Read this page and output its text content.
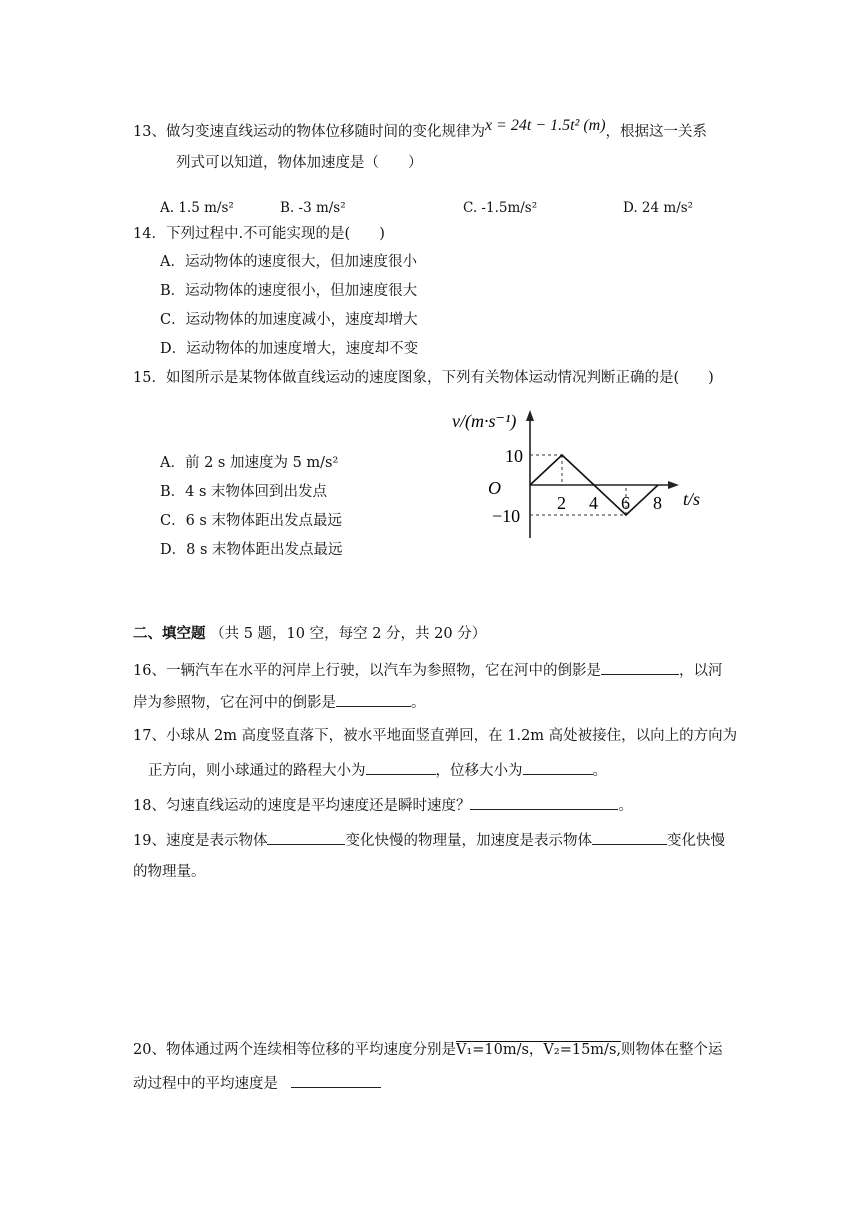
13、做匀变速直线运动的物体位移随时间的变化规律为x = 24t − 1.5t² (m)，根据这一关系
列式可以知道，物体加速度是（　　）
A. 1.5 m/s²	B. -3 m/s²	C. -1.5m/s²	D. 24 m/s²
14．下列过程中.不可能实现的是(　　)
A．运动物体的速度很大，但加速度很小
B．运动物体的速度很小，但加速度很大
C．运动物体的加速度减小，速度却增大
D．运动物体的加速度增大，速度却不变
15．如图所示是某物体做直线运动的速度图象，下列有关物体运动情况判断正确的是(　　)
A．前 2 s 加速度为 5 m/s²
B．4 s 末物体回到出发点
C．6 s 末物体距出发点最远
D．8 s 末物体距出发点最远
v/(m·s⁻¹)
O
t/s
10
−10
2 4 6 8
二、填空题 （共 5 题，10 空，每空 2 分，共 20 分）
16、一辆汽车在水平的河岸上行驶，以汽车为参照物，它在河中的倒影是	，以河
岸为参照物，它在河中的倒影是	。
17、小球从 2m 高度竖直落下，被水平地面竖直弹回，在 1.2m 高处被接住，以向上的方向为
正方向，则小球通过的路程大小为	，位移大小为	。
18、匀速直线运动的速度是平均速度还是瞬时速度？	。
19、速度是表示物体	变化快慢的物理量，加速度是表示物体	变化快慢
的物理量。
20、物体通过两个连续相等位移的平均速度分别是V₁=10m/s，V₂=15m/s,则物体在整个运
动过程中的平均速度是
